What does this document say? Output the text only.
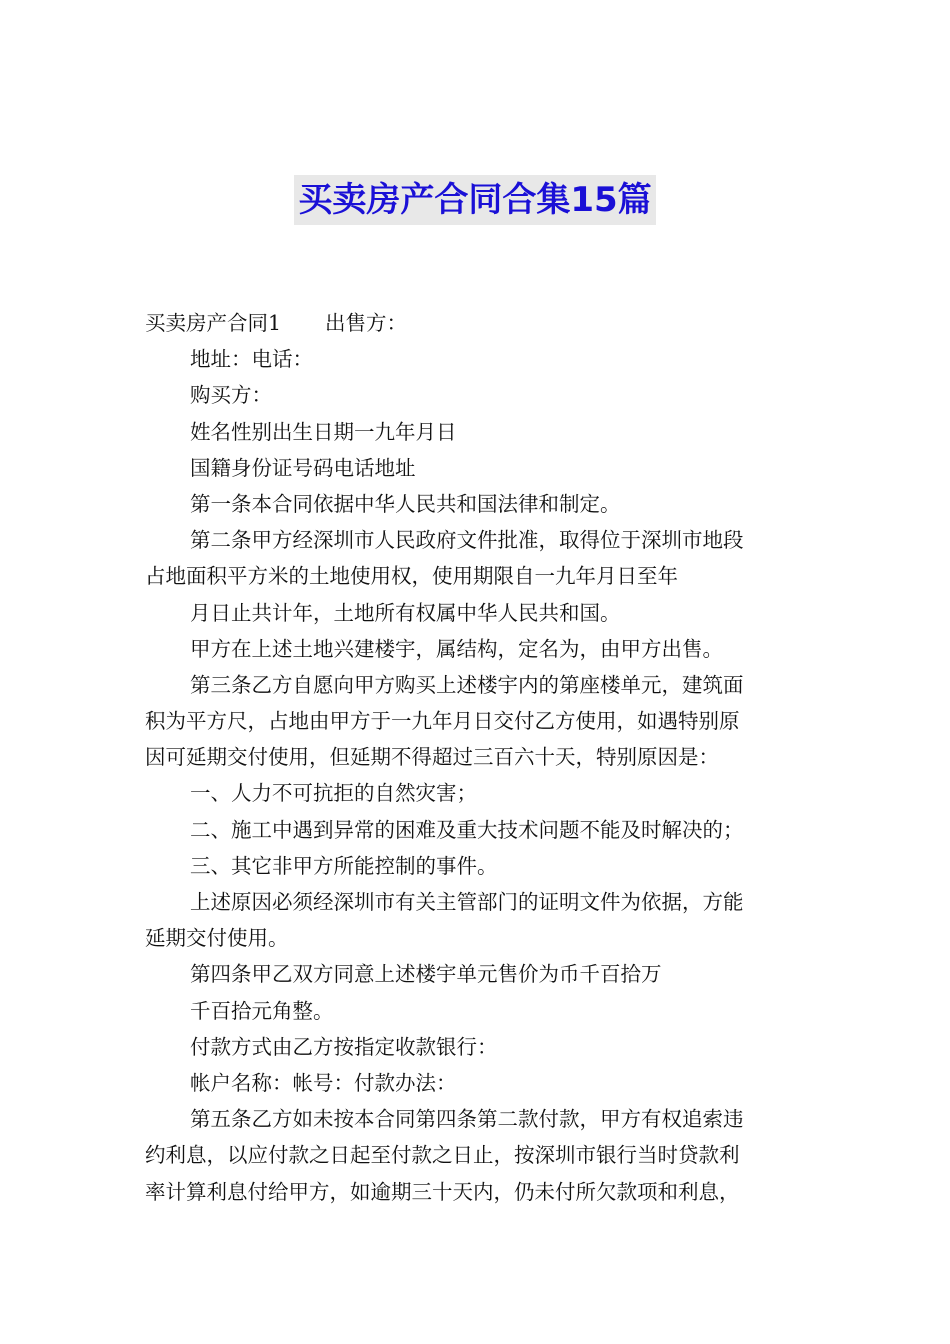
买卖房产合同合集15篇
买卖房产合同1 出售方：
地址：电话：
购买方：
姓名性别出生日期一九年月日
国籍身份证号码电话地址
第一条本合同依据中华人民共和国法律和制定。
第二条甲方经深圳市人民政府文件批准，取得位于深圳市地段
占地面积平方米的土地使用权，使用期限自一九年月日至年
月日止共计年，土地所有权属中华人民共和国。
甲方在上述土地兴建楼宇，属结构，定名为，由甲方出售。
第三条乙方自愿向甲方购买上述楼宇内的第座楼单元，建筑面
积为平方尺，占地由甲方于一九年月日交付乙方使用，如遇特别原
因可延期交付使用，但延期不得超过三百六十天，特别原因是：
一、人力不可抗拒的自然灾害；
二、施工中遇到异常的困难及重大技术问题不能及时解决的；
三、其它非甲方所能控制的事件。
上述原因必须经深圳市有关主管部门的证明文件为依据，方能
延期交付使用。
第四条甲乙双方同意上述楼宇单元售价为币千百拾万
千百拾元角整。
付款方式由乙方按指定收款银行：
帐户名称：帐号：付款办法：
第五条乙方如未按本合同第四条第二款付款，甲方有权追索违
约利息，以应付款之日起至付款之日止，按深圳市银行当时贷款利
率计算利息付给甲方，如逾期三十天内，仍未付所欠款项和利息，
